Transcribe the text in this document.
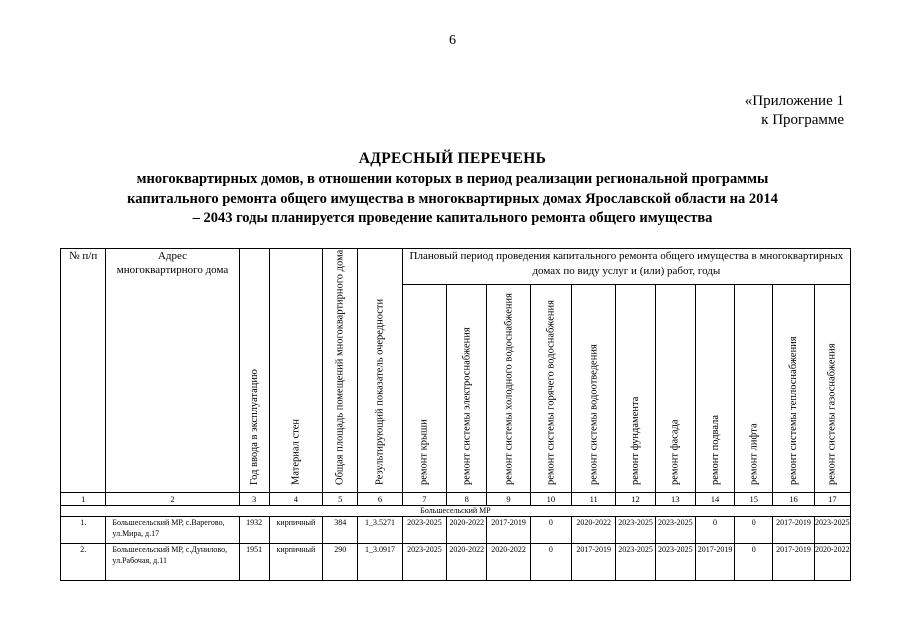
6
«Приложение 1
к Программе
АДРЕСНЫЙ ПЕРЕЧЕНЬ
многоквартирных домов, в отношении которых в период реализации региональной программы
капитального ремонта общего имущества в многоквартирных домах Ярославской области на 2014
– 2043 годы планируется проведение капитального ремонта общего имущества
№ п/п	Адрес многоквартирного дома	Год ввода в эксплуатацию	Материал стен	Общая площадь помещений многоквартирного дома	Результирующий показатель очередности	Плановый период проведения капитального ремонта общего имущества в многоквартирных домах по виду услуг и (или) работ, годы										

ремонт крыши	ремонт системы электроснабжения	ремонт системы холодного водоснабжения	ремонт системы горячего водоснабжения	ремонт системы водоотведения	ремонт фундамента	ремонт фасада	ремонт подвала	ремонт лифта	ремонт системы теплоснабжения	ремонт системы газоснабжения

1	2	3	4	5	6	7	8	9	10	11	12	13	14	15	16	17
Большесельский МР																
1.	Большесельский МР, с.Варегово, ул.Мира, д.17	1932	кирпичный	384	1_3.5271	2023-2025	2020-2022	2017-2019	0	2020-2022	2023-2025	2023-2025	0	0	2017-2019	2023-2025
2.	Большесельский МР, с.Дунилово, ул.Рабочая, д.11	1951	кирпичный	290	1_3.0917	2023-2025	2020-2022	2020-2022	0	2017-2019	2023-2025	2023-2025	2017-2019	0	2017-2019	2020-2022
